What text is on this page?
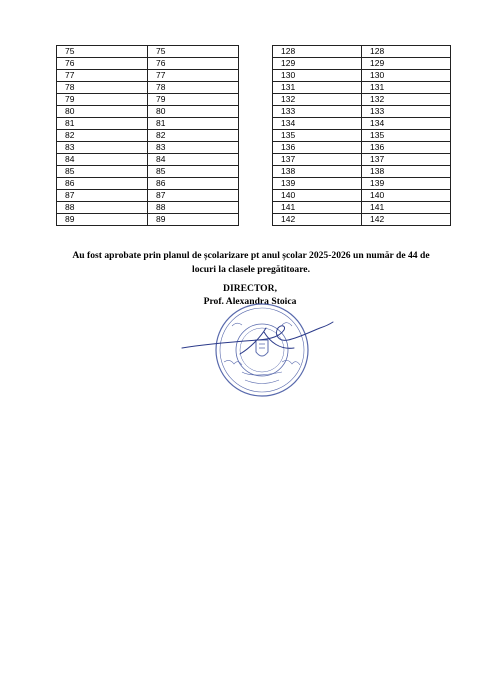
75	75
76	76
77	77
78	78
79	79
80	80
81	81
82	82
83	83
84	84
85	85
86	86
87	87
88	88
89	89
128	128
129	129
130	130
131	131
132	132
133	133
134	134
135	135
136	136
137	137
138	138
139	139
140	140
141	141
142	142
Au fost aprobate prin planul de școlarizare pt anul școlar 2025-2026 un număr de 44 de
locuri la clasele pregătitoare.
DIRECTOR,
Prof. Alexandra Stoica
